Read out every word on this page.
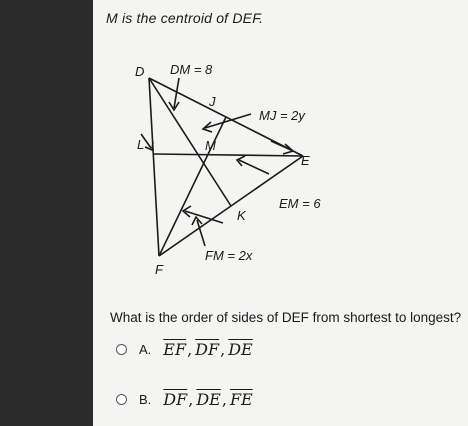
M is the centroid of DEF.
D
J
L	M
E
K
F
DM = 8
MJ = 2y
EM = 6
FM = 2x
What is the order of sides of DEF from shortest to longest?
A. $\overline{EF}$ , $\overline{DF}$ , $\overline{DE}$
B. $\overline{DF}$ , $\overline{DE}$ , $\overline{FE}$
